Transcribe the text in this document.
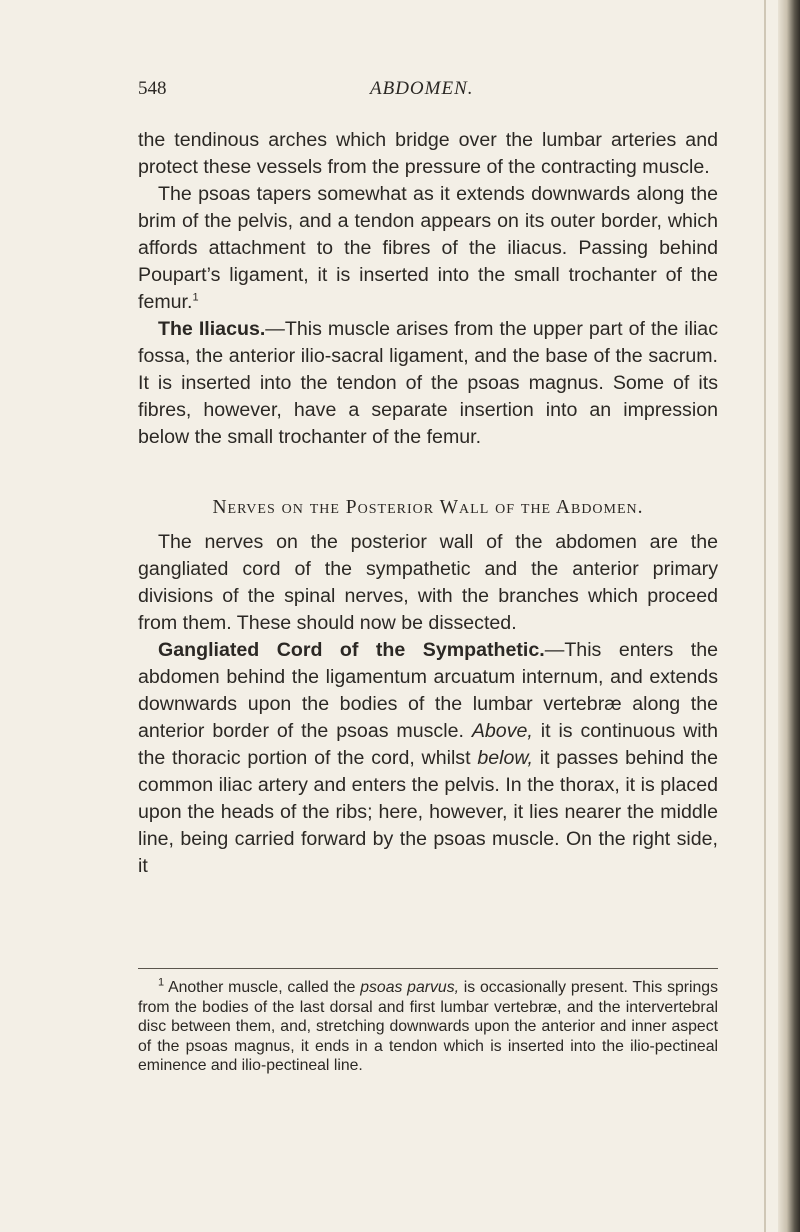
548	ABDOMEN.

the tendinous arches which bridge over the lumbar arteries and protect these vessels from the pressure of the contracting muscle.

The psoas tapers somewhat as it extends downwards along the brim of the pelvis, and a tendon appears on its outer border, which affords attachment to the fibres of the iliacus. Passing behind Poupart’s ligament, it is inserted into the small trochanter of the femur.$^1$

The Iliacus.—This muscle arises from the upper part of the iliac fossa, the anterior ilio-sacral ligament, and the base of the sacrum. It is inserted into the tendon of the psoas magnus. Some of its fibres, however, have a separate insertion into an impression below the small trochanter of the femur.

Nerves on the Posterior Wall of the Abdomen.

The nerves on the posterior wall of the abdomen are the gangliated cord of the sympathetic and the anterior primary divisions of the spinal nerves, with the branches which proceed from them. These should now be dissected.

Gangliated Cord of the Sympathetic.—This enters the abdomen behind the ligamentum arcuatum internum, and extends downwards upon the bodies of the lumbar vertebræ along the anterior border of the psoas muscle. Above, it is continuous with the thoracic portion of the cord, whilst below, it passes behind the common iliac artery and enters the pelvis. In the thorax, it is placed upon the heads of the ribs; here, however, it lies nearer the middle line, being carried forward by the psoas muscle. On the right side, it

$^1$ Another muscle, called the psoas parvus, is occasionally present. This springs from the bodies of the last dorsal and first lumbar vertebræ, and the intervertebral disc between them, and, stretching downwards upon the anterior and inner aspect of the psoas magnus, it ends in a tendon which is inserted into the ilio-pectineal eminence and ilio-pectineal line.
